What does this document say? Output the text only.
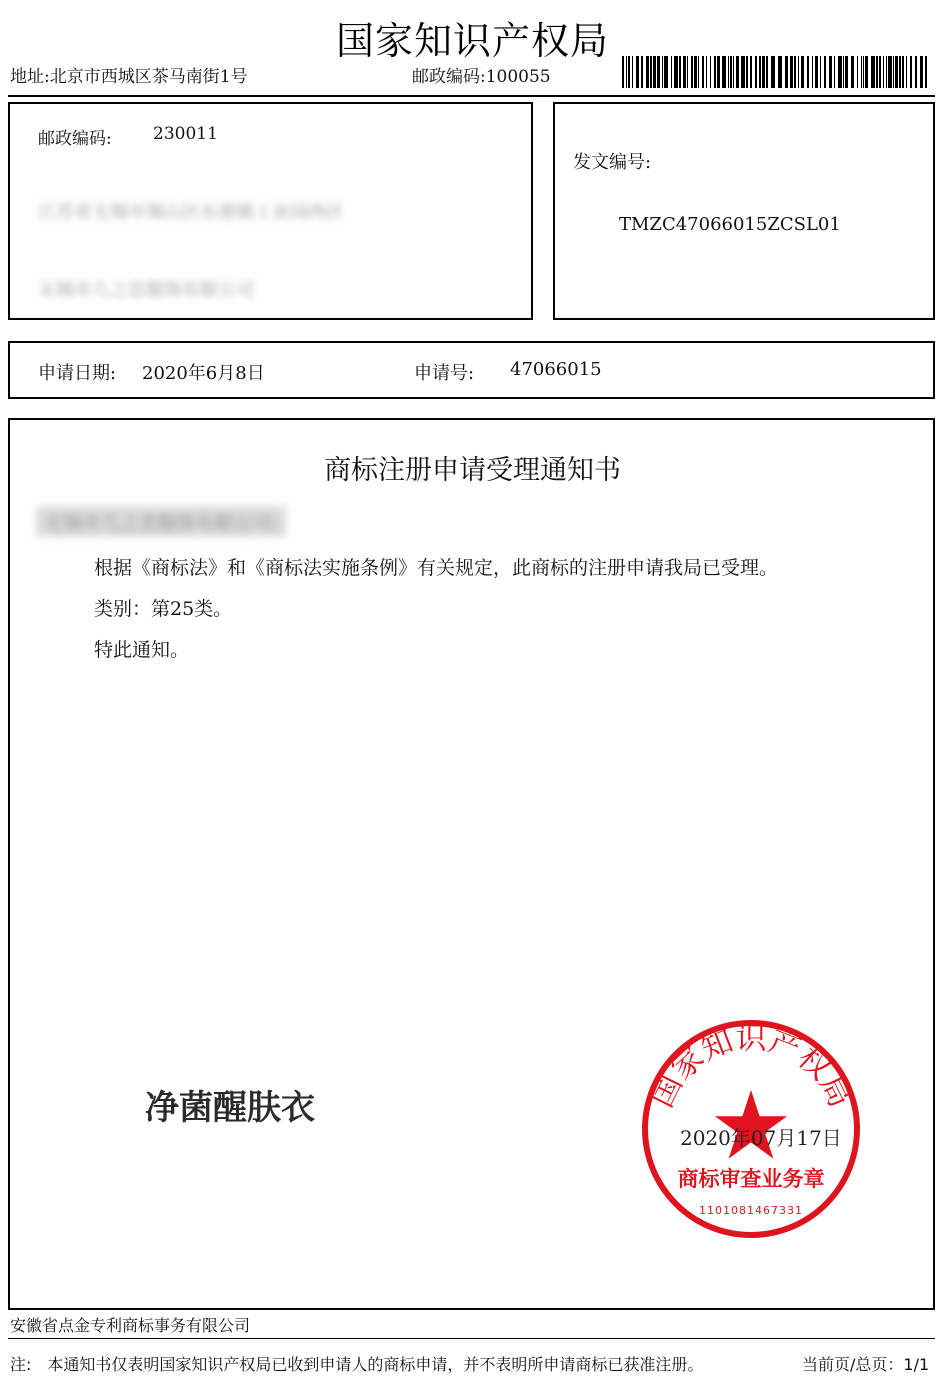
国家知识产权局
地址:北京市西城区茶马南街1号	邮政编码:100055
邮政编码: 230011
江苏省无锡市锡山区东港镇工业园西区
无锡市几之恋服饰有限公司
发文编号:
TMZC47066015ZCSL01
申请日期: 2020年6月8日	申请号: 47066015
商标注册申请受理通知书
无锡市几之恋服饰有限公司:
根据《商标法》和《商标法实施条例》有关规定，此商标的注册申请我局已受理。
类别：第25类。
特此通知。
净菌醒肤衣	国家知识产权局
商标审查业务章
1101081467331
2020年07月17日
安徽省点金专利商标事务有限公司
注:　本通知书仅表明国家知识产权局已收到申请人的商标申请，并不表明所申请商标已获准注册。	当前页/总页：1/1
